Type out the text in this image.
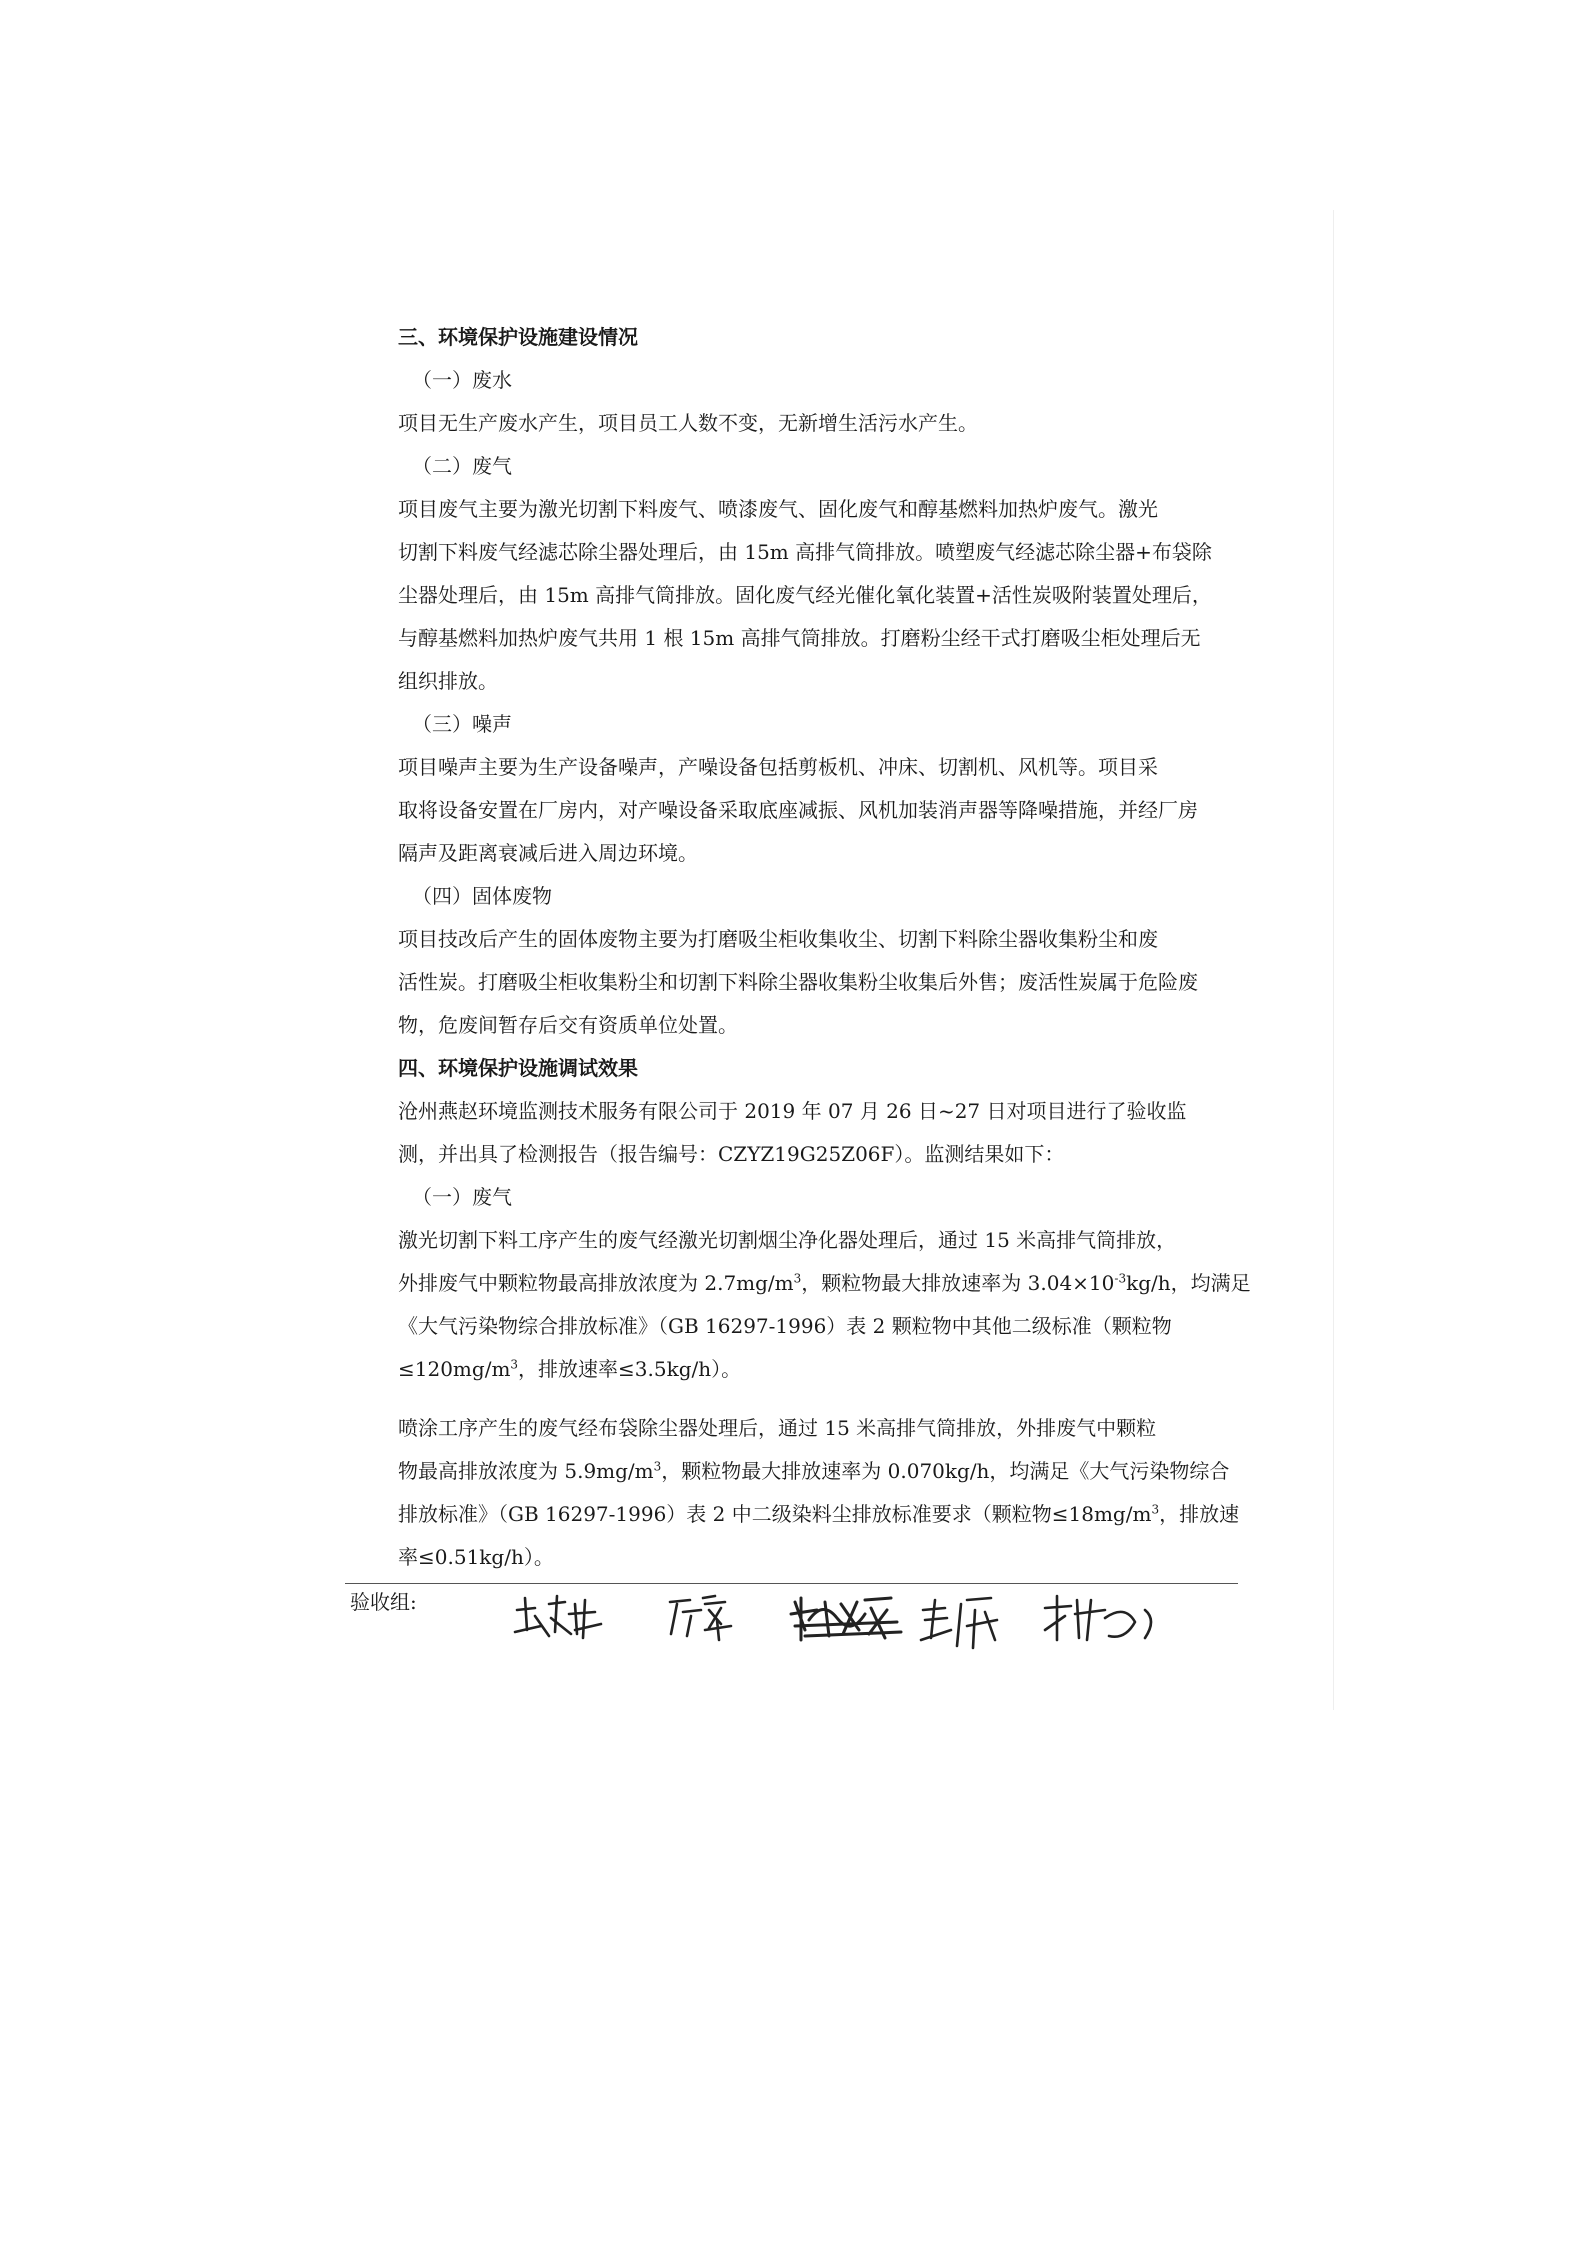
三、环境保护设施建设情况
（一）废水
项目无生产废水产生，项目员工人数不变，无新增生活污水产生。
（二）废气
项目废气主要为激光切割下料废气、喷漆废气、固化废气和醇基燃料加热炉废气。激光
切割下料废气经滤芯除尘器处理后，由 15m 高排气筒排放。喷塑废气经滤芯除尘器+布袋除
尘器处理后，由 15m 高排气筒排放。固化废气经光催化氧化装置+活性炭吸附装置处理后，
与醇基燃料加热炉废气共用 1 根 15m 高排气筒排放。打磨粉尘经干式打磨吸尘柜处理后无
组织排放。
（三）噪声
项目噪声主要为生产设备噪声，产噪设备包括剪板机、冲床、切割机、风机等。项目采
取将设备安置在厂房内，对产噪设备采取底座减振、风机加装消声器等降噪措施，并经厂房
隔声及距离衰减后进入周边环境。
（四）固体废物
项目技改后产生的固体废物主要为打磨吸尘柜收集收尘、切割下料除尘器收集粉尘和废
活性炭。打磨吸尘柜收集粉尘和切割下料除尘器收集粉尘收集后外售；废活性炭属于危险废
物，危废间暂存后交有资质单位处置。
四、环境保护设施调试效果
沧州燕赵环境监测技术服务有限公司于 2019 年 07 月 26 日~27 日对项目进行了验收监
测，并出具了检测报告（报告编号：CZYZ19G25Z06F）。监测结果如下：
（一）废气
激光切割下料工序产生的废气经激光切割烟尘净化器处理后，通过 15 米高排气筒排放，
外排废气中颗粒物最高排放浓度为 $2.7mg/m^3$，颗粒物最大排放速率为 $3.04\times 10^{-3}kg/h$，均满足
《大气污染物综合排放标准》（GB 16297-1996）表 2 颗粒物中其他二级标准（颗粒物
$\le 120mg/m^3$，排放速率≤3.5kg/h）。
喷涂工序产生的废气经布袋除尘器处理后，通过 15 米高排气筒排放，外排废气中颗粒
物最高排放浓度为 $5.9mg/m^3$，颗粒物最大排放速率为 0.070kg/h，均满足《大气污染物综合
排放标准》（GB 16297-1996）表 2 中二级染料尘排放标准要求（颗粒物$\le 18mg/m^3$，排放速
率≤0.51kg/h）。
验收组:
